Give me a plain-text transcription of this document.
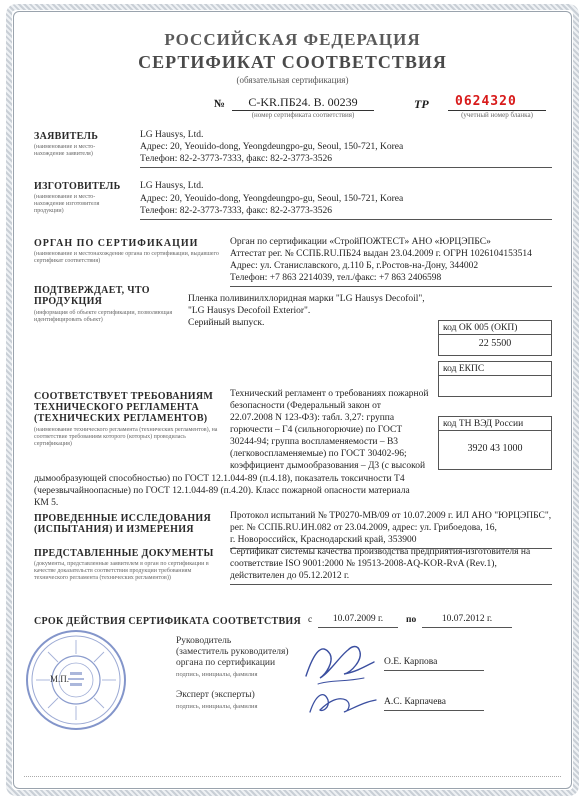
РОССИЙСКАЯ ФЕДЕРАЦИЯ
СЕРТИФИКАТ СООТВЕТСТВИЯ
(обязательная сертификация)
№	C-KR.ПБ24. В. 00239
(номер сертификата соответствия)
ТР 0624320
(учетный номер бланка)
ЗАЯВИТЕЛЬ
(наименование и место-нахождение заявителя)
LG Hausys, Ltd.
Адрес: 20, Yeouido-dong, Yeongdeungpo-gu, Seoul, 150-721, Korea
Телефон: 82-2-3773-7333, факс: 82-2-3773-3526
ИЗГОТОВИТЕЛЬ
(наименование и место-нахождение изготовителя продукции)
LG Hausys, Ltd.
Адрес: 20, Yeouido-dong, Yeongdeungpo-gu, Seoul, 150-721, Korea
Телефон: 82-2-3773-7333, факс: 82-2-3773-3526
ОРГАН ПО СЕРТИФИКАЦИИ
(наименование и местонахождение органа по сертификации, выдавшего сертификат соответствия)
Орган по сертификации «СтройПОЖТЕСТ» АНО «ЮРЦЭПБС»
Аттестат рег. № ССПБ.RU.ПБ24 выдан 23.04.2009 г. ОГРН 1026104153514
Адрес: ул. Станиславского, д.110 Б, г.Ростов-на-Дону, 344002
Телефон: +7 863 2214039, тел./факс: +7 863 2406598
ПОДТВЕРЖДАЕТ, ЧТО
ПРОДУКЦИЯ
(информация об объекте сертификации, позволяющая идентифицировать объект)
Пленка поливинилхлоридная марки "LG Hausys Decofoil",
"LG Hausys Decofoil Exterior".
Серийный выпуск.	код ОК 005 (ОКП)
22 5500
код ЕКПС
код ТН ВЭД России
3920 43 1000
СООТВЕТСТВУЕТ ТРЕБОВАНИЯМ
ТЕХНИЧЕСКОГО РЕГЛАМЕНТА
(ТЕХНИЧЕСКИХ РЕГЛАМЕНТОВ)
(наименование технического регламента (технических регламентов), на соответствие требованиям которого (которых) проводилась сертификация)
Технический регламент о требованиях пожарной
безопасности (Федеральный закон от
22.07.2008 N 123-ФЗ): табл. 3,27: группа
горючести – Г4 (сильногорючие) по ГОСТ
30244-94; группа воспламеняемости – В3
(легковоспламеняемые) по ГОСТ 30402-96;
коэффициент дымообразования – Д3 (с высокой
дымообразующей способностью) по ГОСТ 12.1.044-89 (п.4.18), показатель токсичности Т4
(черезвычайноопасные) по ГОСТ 12.1.044-89 (п.4.20). Класс пожарной опасности материала
КМ 5.
ПРОВЕДЕННЫЕ ИССЛЕДОВАНИЯ
(ИСПЫТАНИЯ) И ИЗМЕРЕНИЯ
Протокол испытаний № ТР0270-МВ/09 от 10.07.2009 г. ИЛ АНО "ЮРЦЭПБС",
рег. № ССПБ.RU.ИН.082 от 23.04.2009, адрес: ул. Грибоедова, 16,
г. Новороссийск, Краснодарский край, 353900
ПРЕДСТАВЛЕННЫЕ ДОКУМЕНТЫ
(документы, представленные заявителем в орган по сертификации в качестве доказательств соответствия продукции требованиям технического регламента (технических регламентов))
Сертификат системы качества производства предприятия-изготовителя на
соответствие ISO 9001:2000 № 19513-2008-AQ-KOR-RvA (Rev.1),
действителен до 05.12.2012 г.
СРОК ДЕЙСТВИЯ СЕРТИФИКАТА СООТВЕТСТВИЯ с	10.07.2009 г.	по	10.07.2012 г.
М.П.
Руководитель
(заместитель руководителя)
органа по сертификации
подпись, инициалы, фамилия
О.Е. Карпова
Эксперт (эксперты)
подпись, инициалы, фамилия	А.С. Карпачева
